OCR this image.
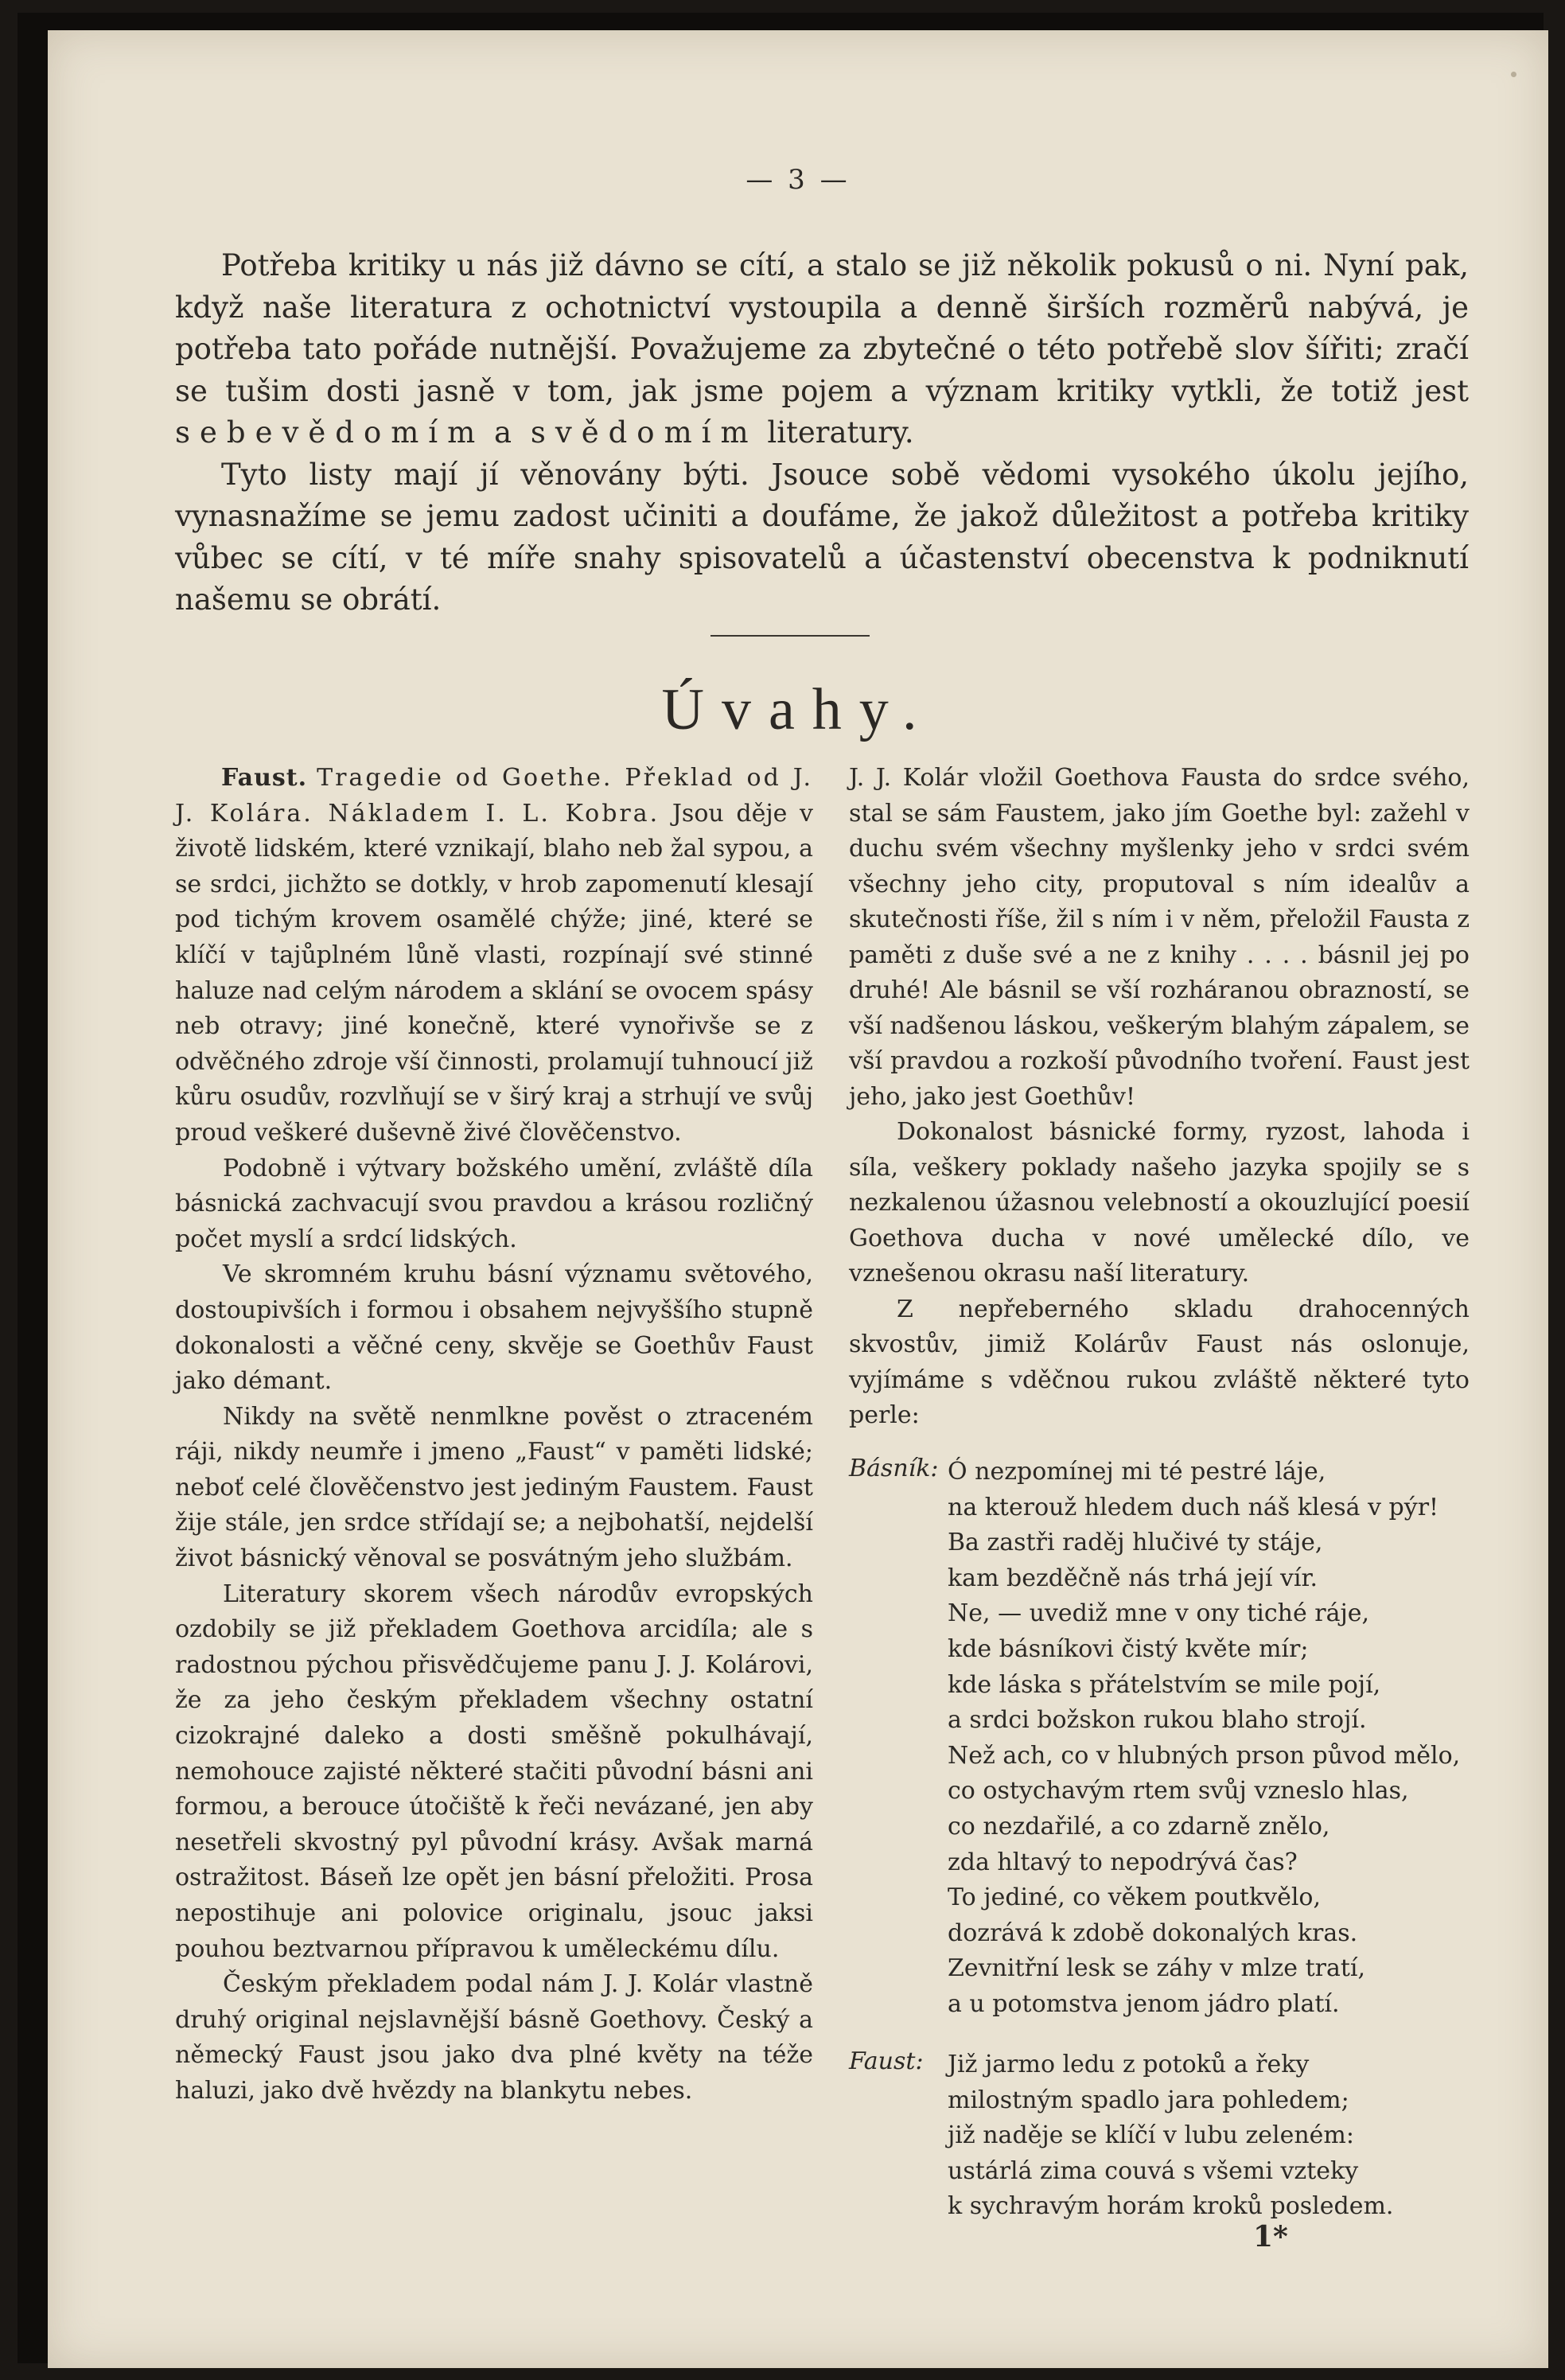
— 3 —

Potřeba kritiky u nás již dávno se cítí, a stalo se již několik pokusů o ni. Nyní pak, když naše literatura z ochotnictví vystoupila a denně širších rozměrů nabývá, je potřeba tato pořáde nutnější. Považujeme za zbytečné o této potřebě slov šířiti; zračí se tušim dosti jasně v tom, jak jsme pojem a význam kritiky vytkli, že totiž jest sebevědomím a svědomím literatury.

Tyto listy mají jí věnovány býti. Jsouce sobě vědomi vysokého úkolu jejího, vynasnažíme se jemu zadost učiniti a doufáme, že jakož důležitost a potřeba kritiky vůbec se cítí, v té míře snahy spisovatelů a účastenství obecenstva k podniknutí našemu se obrátí.

Úvahy.

Faust. Tragedie od Goethe. Překlad od J. J. Kolára. Nákladem I. L. Kobra. Jsou děje v životě lidském, které vznikají, blaho neb žal sypou, a se srdci, jichžto se dotkly, v hrob zapomenutí klesají pod tichým krovem osamělé chýže; jiné, které se klíčí v tajůplném lůně vlasti, rozpínají své stinné haluze nad celým národem a sklání se ovocem spásy neb otravy; jiné konečně, které vynořivše se z odvěčného zdroje vší činnosti, prolamují tuhnoucí již kůru osudův, rozvlňují se v širý kraj a strhují ve svůj proud veškeré duševně živé člověčenstvo.

Podobně i výtvary božského umění, zvláště díla básnická zachvacují svou pravdou a krásou rozličný počet myslí a srdcí lidských.

Ve skromném kruhu básní významu světového, dostoupivších i formou i obsahem nejvyššího stupně dokonalosti a věčné ceny, skvěje se Goethův Faust jako démant.

Nikdy na světě nenmlkne pověst o ztraceném ráji, nikdy neumře i jmeno „Faust“ v paměti lidské; neboť celé člověčenstvo jest jediným Faustem. Faust žije stále, jen srdce střídají se; a nejbohatší, nejdelší život básnický věnoval se posvátným jeho službám.

Literatury skorem všech národův evropských ozdobily se již překladem Goethova arcidíla; ale s radostnou pýchou přisvědčujeme panu J. J. Kolárovi, že za jeho českým překladem všechny ostatní cizokrajné daleko a dosti směšně pokulhávají, nemohouce zajisté některé stačiti původní básni ani formou, a berouce útočiště k řeči nevázané, jen aby nesetřeli skvostný pyl původní krásy. Avšak marná ostražitost. Báseň lze opět jen básní přeložiti. Prosa nepostihuje ani polovice originalu, jsouc jaksi pouhou beztvarnou přípravou k uměleckému dílu.

Českým překladem podal nám J. J. Kolár vlastně druhý original nejslavnější básně Goethovy. Český a německý Faust jsou jako dva plné květy na téže haluzi, jako dvě hvězdy na blankytu nebes.

J. J. Kolár vložil Goethova Fausta do srdce svého, stal se sám Faustem, jako jím Goethe byl: zažehl v duchu svém všechny myšlenky jeho v srdci svém všechny jeho city, proputoval s ním idealův a skutečnosti říše, žil s ním i v něm, přeložil Fausta z paměti z duše své a ne z knihy . . . . básnil jej po druhé! Ale básnil se vší rozháranou obrazností, se vší nadšenou láskou, veškerým blahým zápalem, se vší pravdou a rozkoší původního tvoření. Faust jest jeho, jako jest Goethův!

Dokonalost básnické formy, ryzost, lahoda i síla, veškery poklady našeho jazyka spojily se s nezkalenou úžasnou velebností a okouzlující poesií Goethova ducha v nové umělecké dílo, ve vznešenou okrasu naší literatury.

Z nepřeberného skladu drahocenných skvostův, jimiž Kolárův Faust nás oslonuje, vyjímáme s vděčnou rukou zvláště některé tyto perle:

Básník: Ó nezpomínej mi té pestré láje,
na kterouž hledem duch náš klesá v pýr!
Ba zastři raděj hlučivé ty stáje,
kam bezděčně nás trhá její vír.
Ne, — uvediž mne v ony tiché ráje,
kde básníkovi čistý květe mír;
kde láska s přátelstvím se mile pojí,
a srdci božskon rukou blaho strojí.
Než ach, co v hlubných prson původ mělo,
co ostychavým rtem svůj vzneslo hlas,
co nezdařilé, a co zdarně znělo,
zda hltavý to nepodrývá čas?
To jediné, co věkem poutkvělo,
dozrává k zdobě dokonalých kras.
Zevnitřní lesk se záhy v mlze tratí,
a u potomstva jenom jádro platí.
Faust: Již jarmo ledu z potoků a řeky
milostným spadlo jara pohledem;
již naděje se klíčí v lubu zeleném:
ustárlá zima couvá s všemi vzteky
k sychravým horám kroků posledem.
1*
